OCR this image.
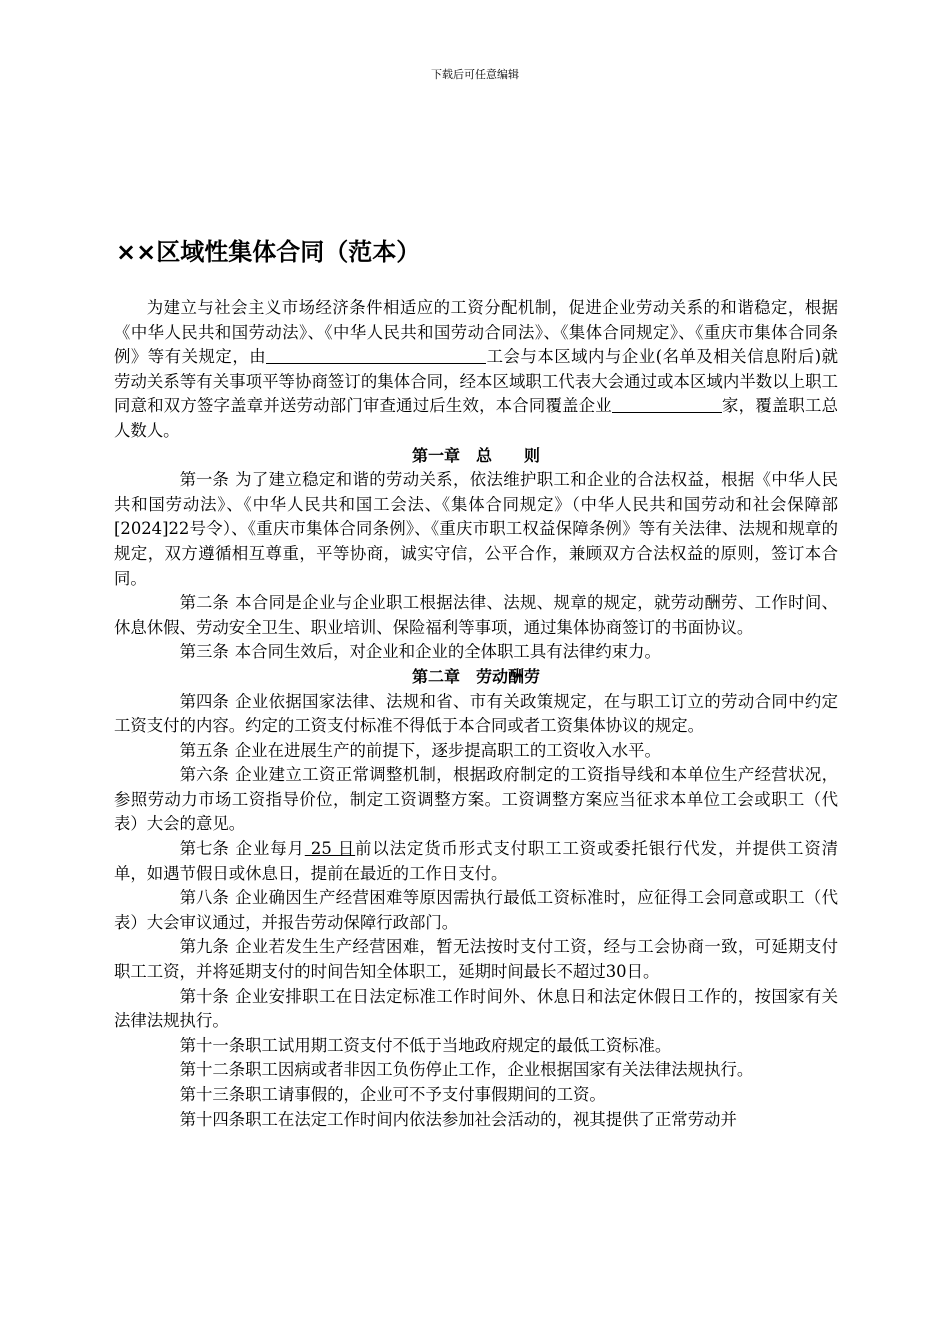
下载后可任意编辑
××区域性集体合同（范本）

为建立与社会主义市场经济条件相适应的工资分配机制，促进企业劳动关系的和谐稳定，根据《中华人民共和国劳动法》、《中华人民共和国劳动合同法》、《集体合同规定》、《重庆市集体合同条例》等有关规定，由	工会与本区域内与企业(名单及相关信息附后)就劳动关系等有关事项平等协商签订的集体合同，经本区域职工代表大会通过或本区域内半数以上职工同意和双方签字盖章并送劳动部门审查通过后生效，本合同覆盖企业	家，覆盖职工总人数人。

第一章　总　　则

第一条 为了建立稳定和谐的劳动关系，依法维护职工和企业的合法权益，根据《中华人民共和国劳动法》、《中华人民共和国工会法、《集体合同规定》（中华人民共和国劳动和社会保障部[2024]22号令）、《重庆市集体合同条例》、《重庆市职工权益保障条例》等有关法律、法规和规章的规定，双方遵循相互尊重，平等协商，诚实守信，公平合作，兼顾双方合法权益的原则，签订本合同。

第二条 本合同是企业与企业职工根据法律、法规、规章的规定，就劳动酬劳、工作时间、休息休假、劳动安全卫生、职业培训、保险福利等事项，通过集体协商签订的书面协议。

第三条 本合同生效后，对企业和企业的全体职工具有法律约束力。

第二章　劳动酬劳

第四条 企业依据国家法律、法规和省、市有关政策规定，在与职工订立的劳动合同中约定工资支付的内容。约定的工资支付标准不得低于本合同或者工资集体协议的规定。

第五条 企业在进展生产的前提下，逐步提高职工的工资收入水平。

第六条 企业建立工资正常调整机制，根据政府制定的工资指导线和本单位生产经营状况，参照劳动力市场工资指导价位，制定工资调整方案。工资调整方案应当征求本单位工会或职工（代表）大会的意见。

第七条 企业每月 25 日前以法定货币形式支付职工工资或委托银行代发，并提供工资清单，如遇节假日或休息日，提前在最近的工作日支付。

第八条 企业确因生产经营困难等原因需执行最低工资标准时，应征得工会同意或职工（代表）大会审议通过，并报告劳动保障行政部门。

第九条 企业若发生生产经营困难，暂无法按时支付工资，经与工会协商一致，可延期支付职工工资，并将延期支付的时间告知全体职工，延期时间最长不超过30日。

第十条 企业安排职工在日法定标准工作时间外、休息日和法定休假日工作的，按国家有关法律法规执行。

第十一条职工试用期工资支付不低于当地政府规定的最低工资标准。

第十二条职工因病或者非因工负伤停止工作，企业根据国家有关法律法规执行。

第十三条职工请事假的，企业可不予支付事假期间的工资。

第十四条职工在法定工作时间内依法参加社会活动的，视其提供了正常劳动并
